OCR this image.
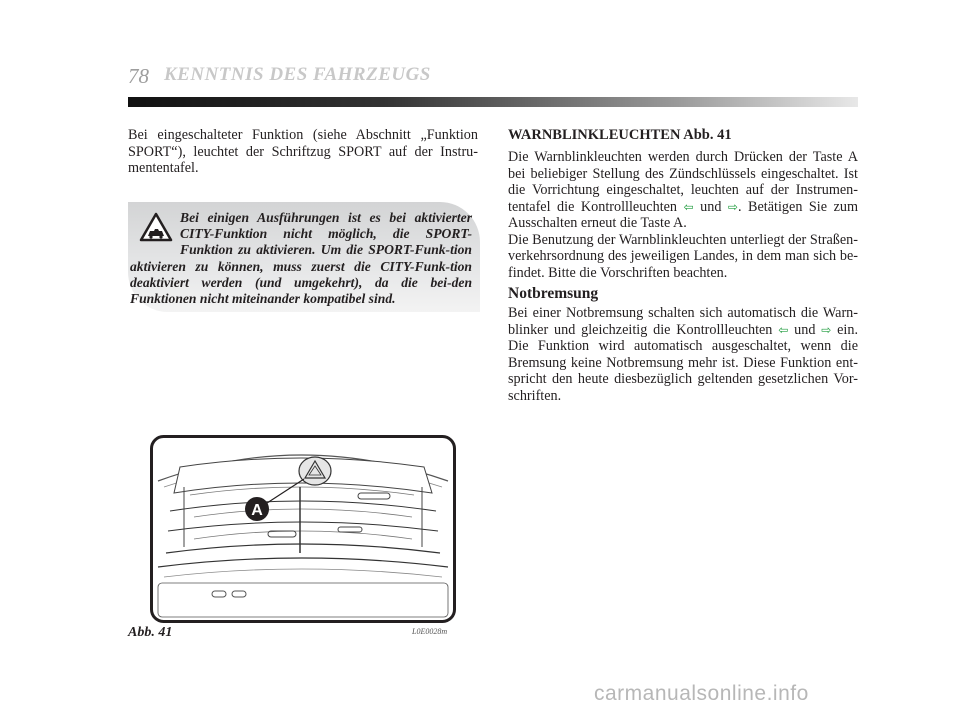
78 KENNTNIS DES FAHRZEUGS

Bei eingeschalteter Funktion (siehe Abschnitt „Funktion SPORT“), leuchtet der Schriftzug SPORT auf der Instru-mententafel.

Bei einigen Ausführungen ist es bei aktivierter CITY-Funktion nicht möglich, die SPORT-Funktion zu aktivieren. Um die SPORT-Funk-tion aktivieren zu können, muss zuerst die CITY-Funk-tion deaktiviert werden (und umgekehrt), da die bei-den Funktionen nicht miteinander kompatibel sind.

WARNBLINKLEUCHTEN Abb. 41

Die Warnblinkleuchten werden durch Drücken der Taste A bei beliebiger Stellung des Zündschlüssels eingeschaltet. Ist die Vorrichtung eingeschaltet, leuchten auf der Instrumen-tentafel die Kontrollleuchten ⇦ und ⇨. Betätigen Sie zum Ausschalten erneut die Taste A.
Die Benutzung der Warnblinkleuchten unterliegt der Straßen-verkehrsordnung des jeweiligen Landes, in dem man sich be-findet. Bitte die Vorschriften beachten.

Notbremsung

Bei einer Notbremsung schalten sich automatisch die Warn-blinker und gleichzeitig die Kontrollleuchten ⇦ und ⇨ ein. Die Funktion wird automatisch ausgeschaltet, wenn die Bremsung keine Notbremsung mehr ist. Diese Funktion ent-spricht den heute diesbezüglich geltenden gesetzlichen Vor-schriften.

A
Abb. 41	L0E0028m
carmanualsonline.info
